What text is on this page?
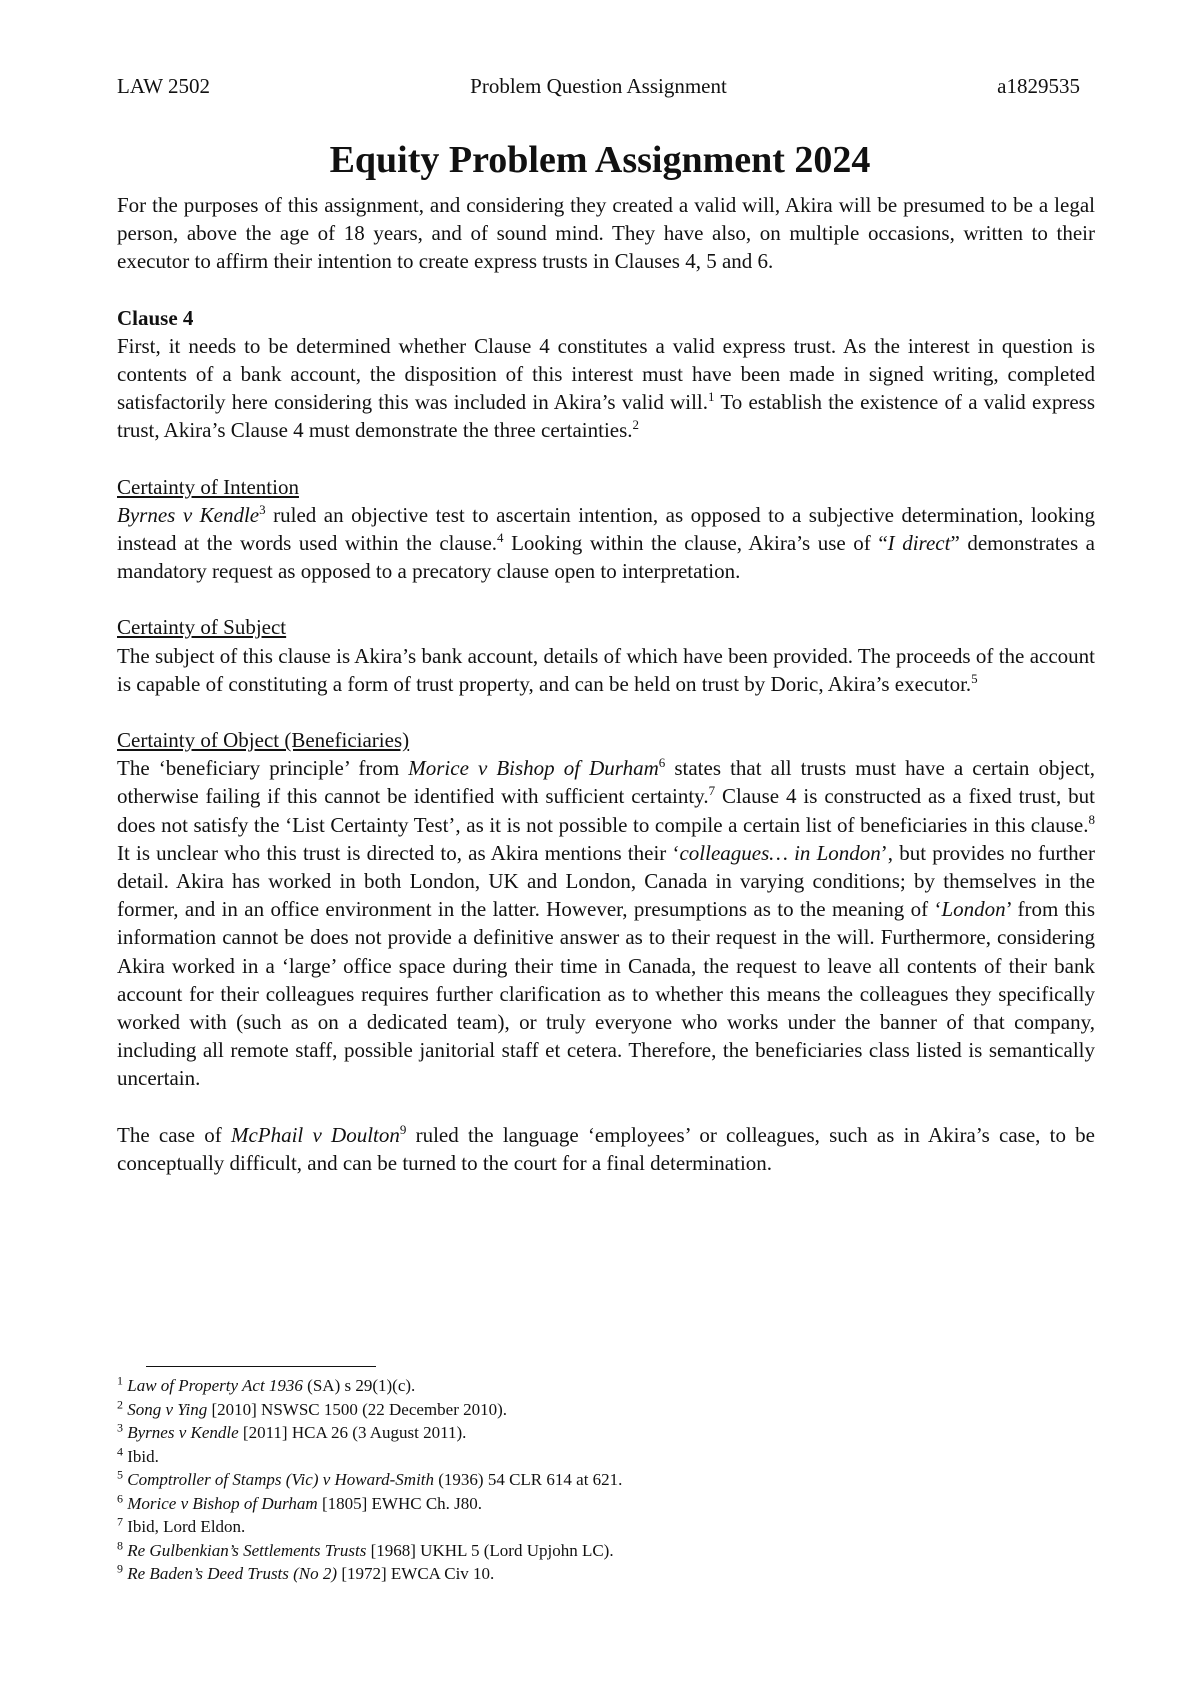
LAW 2502	Problem Question Assignment	a1829535
Equity Problem Assignment 2024

For the purposes of this assignment, and considering they created a valid will, Akira will be presumed to be a legal person, above the age of 18 years, and of sound mind. They have also, on multiple occasions, written to their executor to affirm their intention to create express trusts in Clauses 4, 5 and 6.

Clause 4

First, it needs to be determined whether Clause 4 constitutes a valid express trust. As the interest in question is contents of a bank account, the disposition of this interest must have been made in signed writing, completed satisfactorily here considering this was included in Akira’s valid will.$^1$ To establish the existence of a valid express trust, Akira’s Clause 4 must demonstrate the three certainties.$^2$

Certainty of Intention

Byrnes v Kendle$^3$ ruled an objective test to ascertain intention, as opposed to a subjective determination, looking instead at the words used within the clause.$^4$ Looking within the clause, Akira’s use of “I direct” demonstrates a mandatory request as opposed to a precatory clause open to interpretation.

Certainty of Subject

The subject of this clause is Akira’s bank account, details of which have been provided. The proceeds of the account is capable of constituting a form of trust property, and can be held on trust by Doric, Akira’s executor.$^5$

Certainty of Object (Beneficiaries)

The ‘beneficiary principle’ from Morice v Bishop of Durham$^6$ states that all trusts must have a certain object, otherwise failing if this cannot be identified with sufficient certainty.$^7$ Clause 4 is constructed as a fixed trust, but does not satisfy the ‘List Certainty Test’, as it is not possible to compile a certain list of beneficiaries in this clause.$^8$ It is unclear who this trust is directed to, as Akira mentions their ‘colleagues… in London’, but provides no further detail. Akira has worked in both London, UK and London, Canada in varying conditions; by themselves in the former, and in an office environment in the latter. However, presumptions as to the meaning of ‘London’ from this information cannot be does not provide a definitive answer as to their request in the will. Furthermore, considering Akira worked in a ‘large’ office space during their time in Canada, the request to leave all contents of their bank account for their colleagues requires further clarification as to whether this means the colleagues they specifically worked with (such as on a dedicated team), or truly everyone who works under the banner of that company, including all remote staff, possible janitorial staff et cetera. Therefore, the beneficiaries class listed is semantically uncertain.

The case of McPhail v Doulton$^9$ ruled the language ‘employees’ or colleagues, such as in Akira’s case, to be conceptually difficult, and can be turned to the court for a final determination.

$^1$ Law of Property Act 1936 (SA) s 29(1)(c).
$^2$ Song v Ying [2010] NSWSC 1500 (22 December 2010).
$^3$ Byrnes v Kendle [2011] HCA 26 (3 August 2011).
$^4$ Ibid.
$^5$ Comptroller of Stamps (Vic) v Howard-Smith (1936) 54 CLR 614 at 621.
$^6$ Morice v Bishop of Durham [1805] EWHC Ch. J80.
$^7$ Ibid, Lord Eldon.
$^8$ Re Gulbenkian’s Settlements Trusts [1968] UKHL 5 (Lord Upjohn LC).
$^9$ Re Baden’s Deed Trusts (No 2) [1972] EWCA Civ 10.
